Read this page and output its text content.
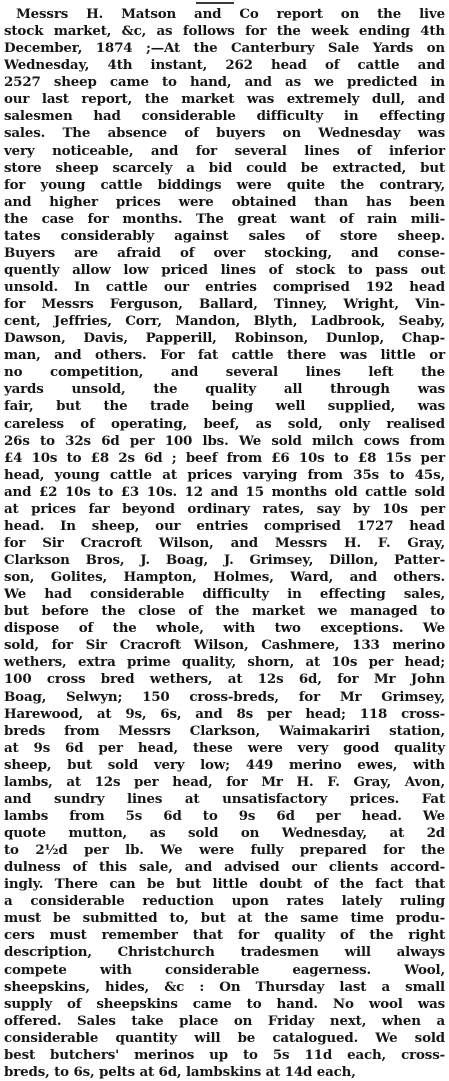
Messrs H. Matson and Co report on the live
stock market, &c, as follows for the week ending 4th
December, 1874 ;—At the Canterbury Sale Yards on
Wednesday, 4th instant, 262 head of cattle and
2527 sheep came to hand, and as we predicted in
our last report, the market was extremely dull, and
salesmen had considerable difficulty in effecting
sales. The absence of buyers on Wednesday was
very noticeable, and for several lines of inferior
store sheep scarcely a bid could be extracted, but
for young cattle biddings were quite the contrary,
and higher prices were obtained than has been
the case for months. The great want of rain mili-
tates considerably against sales of store sheep.
Buyers are afraid of over stocking, and conse-
quently allow low priced lines of stock to pass out
unsold. In cattle our entries comprised 192 head
for Messrs Ferguson, Ballard, Tinney, Wright, Vin-
cent, Jeffries, Corr, Mandon, Blyth, Ladbrook, Seaby,
Dawson, Davis, Papperill, Robinson, Dunlop, Chap-
man, and others. For fat cattle there was little or
no competition, and several lines left the
yards unsold, the quality all through was
fair, but the trade being well supplied, was
careless of operating, beef, as sold, only realised
26s to 32s 6d per 100 lbs. We sold milch cows from
£4 10s to £8 2s 6d ; beef from £6 10s to £8 15s per
head, young cattle at prices varying from 35s to 45s,
and £2 10s to £3 10s. 12 and 15 months old cattle sold
at prices far beyond ordinary rates, say by 10s per
head. In sheep, our entries comprised 1727 head
for Sir Cracroft Wilson, and Messrs H. F. Gray,
Clarkson Bros, J. Boag, J. Grimsey, Dillon, Patter-
son, Golites, Hampton, Holmes, Ward, and others.
We had considerable difficulty in effecting sales,
but before the close of the market we managed to
dispose of the whole, with two exceptions. We
sold, for Sir Cracroft Wilson, Cashmere, 133 merino
wethers, extra prime quality, shorn, at 10s per head;
100 cross bred wethers, at 12s 6d, for Mr John
Boag, Selwyn; 150 cross-breds, for Mr Grimsey,
Harewood, at 9s, 6s, and 8s per head; 118 cross-
breds from Messrs Clarkson, Waimakariri station,
at 9s 6d per head, these were very good quality
sheep, but sold very low; 449 merino ewes, with
lambs, at 12s per head, for Mr H. F. Gray, Avon,
and sundry lines at unsatisfactory prices. Fat
lambs from 5s 6d to 9s 6d per head. We
quote mutton, as sold on Wednesday, at 2d
to 2½d per lb. We were fully prepared for the
dulness of this sale, and advised our clients accord-
ingly. There can be but little doubt of the fact that
a considerable reduction upon rates lately ruling
must be submitted to, but at the same time produ-
cers must remember that for quality of the right
description, Christchurch tradesmen will always
compete with considerable eagerness. Wool,
sheepskins, hides, &c : On Thursday last a small
supply of sheepskins came to hand. No wool was
offered. Sales take place on Friday next, when a
considerable quantity will be catalogued. We sold
best butchers' merinos up to 5s 11d each, cross-
breds, to 6s, pelts at 6d, lambskins at 14d each,
